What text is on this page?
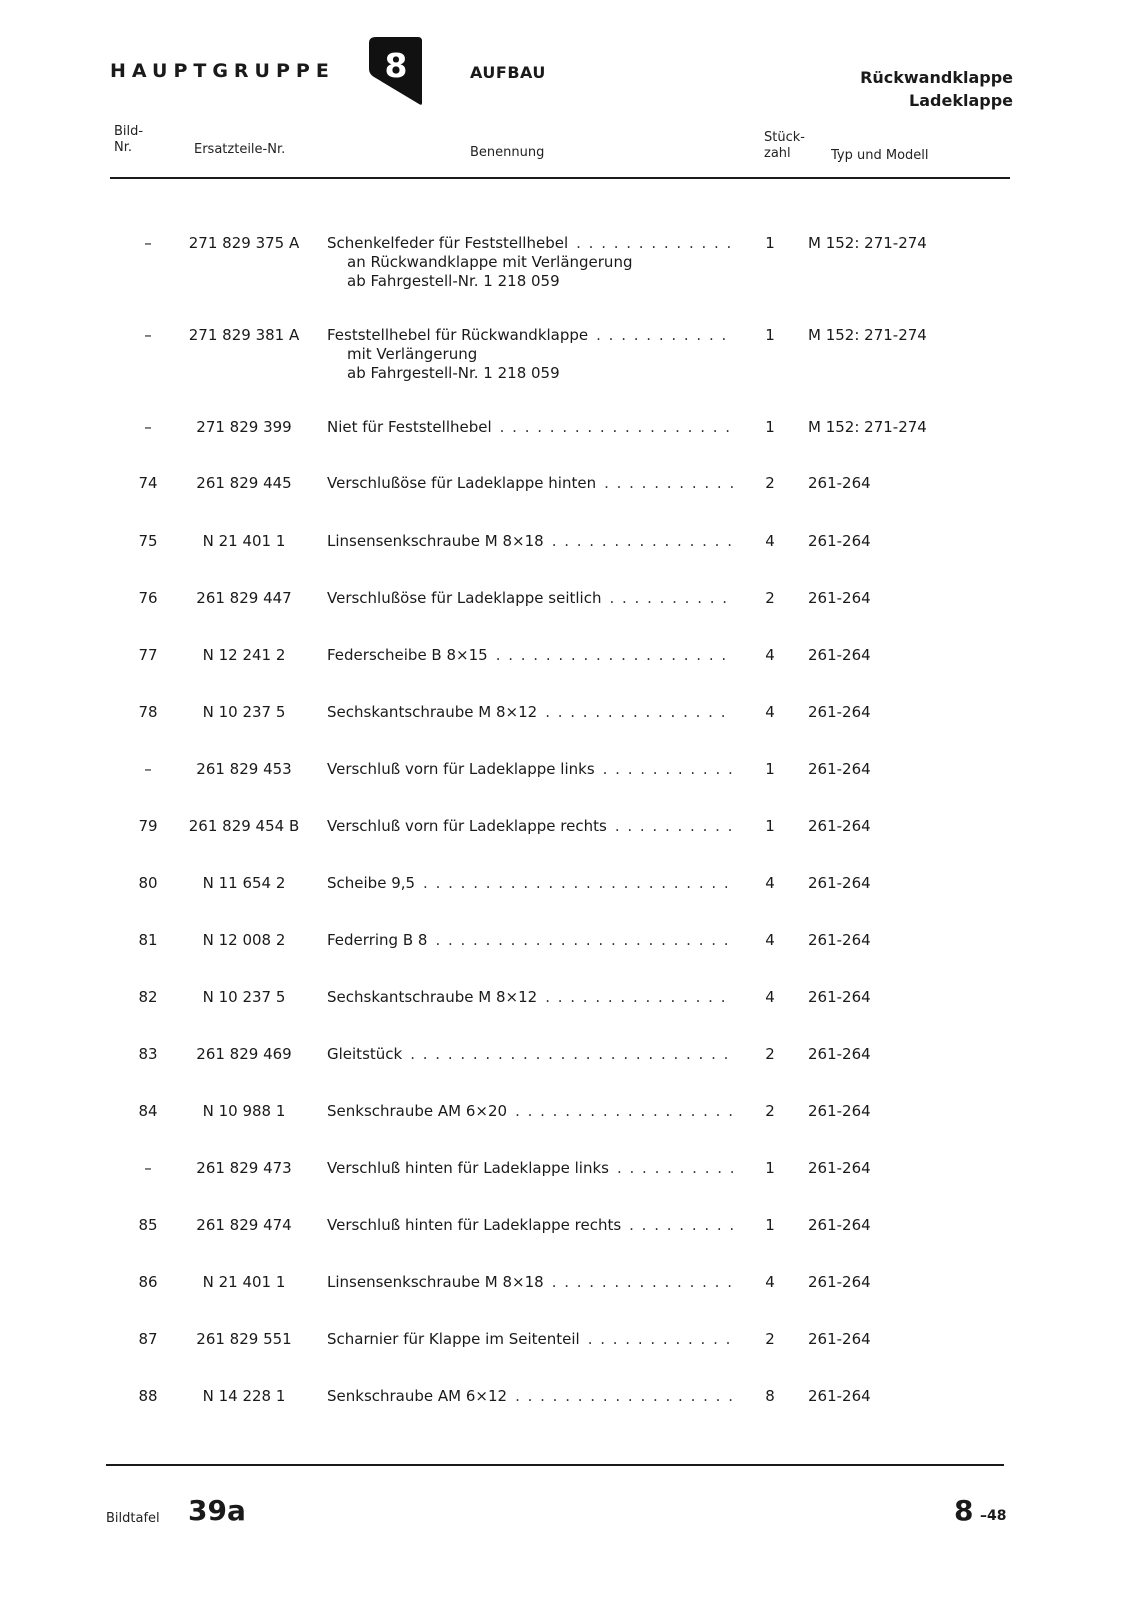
HAUPTGRUPPE	8	AUFBAU	Rückwandklappe
Ladeklappe
Bild-
Nr.	Ersatzteile-Nr.	Benennung
Stück-
zahl	Typ und Modell
–	271 829 375 A Schenkelfeder für Feststellhebel
. . .
an Rückwandklappe mit Verlängerung
ab Fahrgestell-Nr. 1 218 059
1	M 152: 271-274
–	271 829 381 A Feststellhebel für Rückwandklappe
. . .
mit Verlängerung
ab Fahrgestell-Nr. 1 218 059
1	M 152: 271-274
–	271 829 399	Niet für Feststellhebel . . .	1	M 152: 271-274
74	261 829 445	Verschlußöse für Ladeklappe hinten . . .	2	261-264
75	N 21 401 1	Linsensenkschraube M 8×18 . . .	4	261-264
76	261 829 447	Verschlußöse für Ladeklappe seitlich . . .	2	261-264
77	N 12 241 2	Federscheibe B 8×15 . . .	4	261-264
78	N 10 237 5	Sechskantschraube M 8×12 . . .	4	261-264
–	261 829 453	Verschluß vorn für Ladeklappe links . . .	1	261-264
79	261 829 454 B Verschluß vorn für Ladeklappe rechts . . .	1	261-264
80	N 11 654 2	Scheibe 9,5 . . .	4	261-264
81	N 12 008 2	Federring B 8 . . .	4	261-264
82	N 10 237 5	Sechskantschraube M 8×12 . . .	4	261-264
83	261 829 469	Gleitstück . . .	2	261-264
84	N 10 988 1	Senkschraube AM 6×20 . . .	2	261-264
–	261 829 473	Verschluß hinten für Ladeklappe links . . .	1	261-264
85	261 829 474	Verschluß hinten für Ladeklappe rechts . . .	1	261-264
86	N 21 401 1	Linsensenkschraube M 8×18 . . .	4	261-264
87	261 829 551	Scharnier für Klappe im Seitenteil . . .	2	261-264
88	N 14 228 1	Senkschraube AM 6×12 . . .	8	261-264
Bildtafel 39a	8 –48
